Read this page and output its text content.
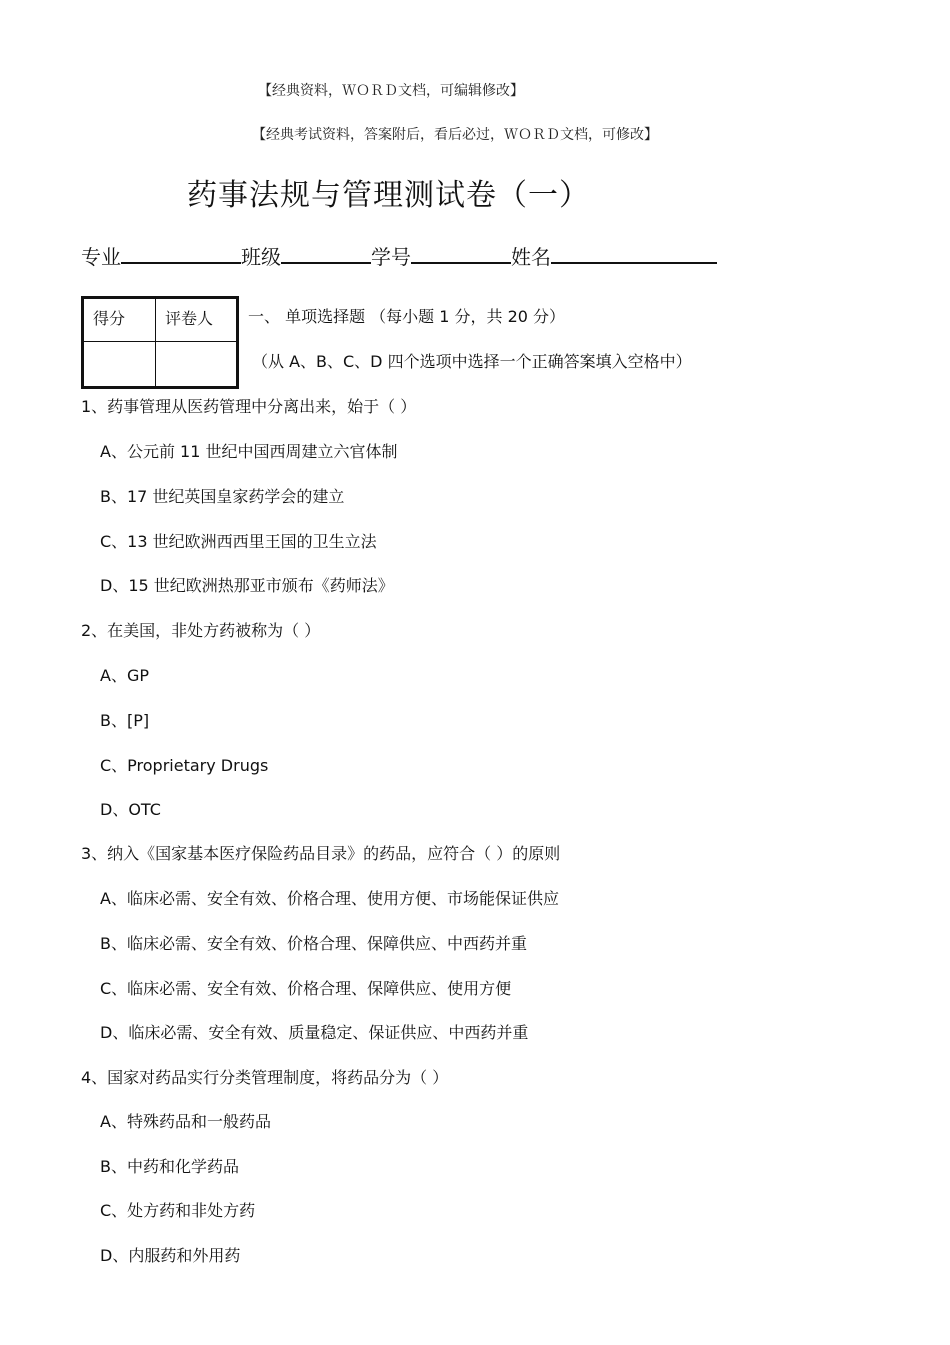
【经典资料，ＷＯＲＤ文档，可编辑修改】
【经典考试资料，答案附后，看后必过，ＷＯＲＤ文档，可修改】
药事法规与管理测试卷（一）
专业	班级	学号	姓名
得分 评卷人 一、 单项选择题 （每小题 1 分，共 20 分）
（从 A、B、C、D 四个选项中选择一个正确答案填入空格中）
1、药事管理从医药管理中分离出来，始于（ ）
A、公元前 11 世纪中国西周建立六官体制
B、17 世纪英国皇家药学会的建立
C、13 世纪欧洲西西里王国的卫生立法
D、15 世纪欧洲热那亚市颁布《药师法》
2、在美国，非处方药被称为（ ）
A、GP
B、[P]
C、Proprietary Drugs
D、OTC
3、纳入《国家基本医疗保险药品目录》的药品，应符合（ ）的原则
A、临床必需、安全有效、价格合理、使用方便、市场能保证供应
B、临床必需、安全有效、价格合理、保障供应、中西药并重
C、临床必需、安全有效、价格合理、保障供应、使用方便
D、临床必需、安全有效、质量稳定、保证供应、中西药并重
4、国家对药品实行分类管理制度，将药品分为（ ）
A、特殊药品和一般药品
B、中药和化学药品
C、处方药和非处方药
D、内服药和外用药
